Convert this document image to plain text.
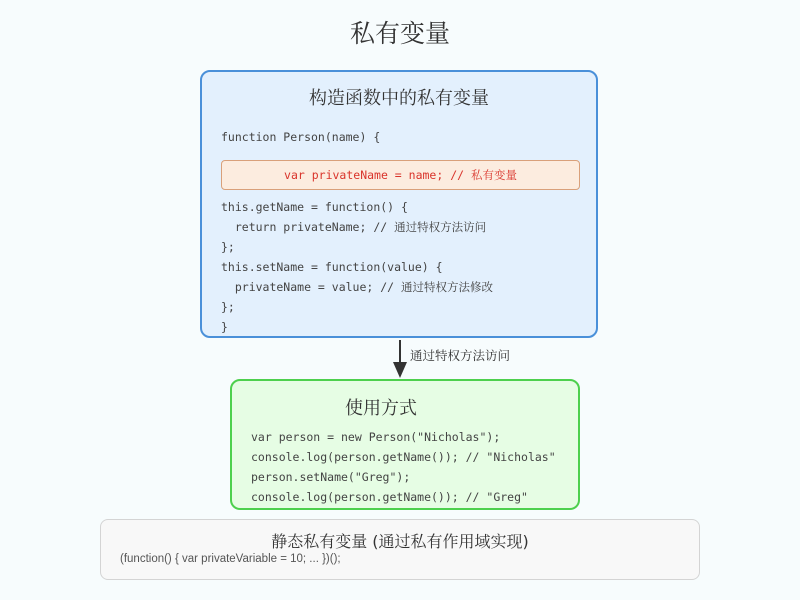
私有变量
构造函数中的私有变量
function Person(name) {
var privateName = name; // 私有变量
this.getName = function() {
return privateName; // 通过特权方法访问
};
this.setName = function(value) {
privateName = value; // 通过特权方法修改
};
}
通过特权方法访问
使用方式
var person = new Person("Nicholas");
console.log(person.getName()); // "Nicholas"
person.setName("Greg");
console.log(person.getName()); // "Greg"
静态私有变量 (通过私有作用域实现)
(function() { var privateVariable = 10; ... })();
